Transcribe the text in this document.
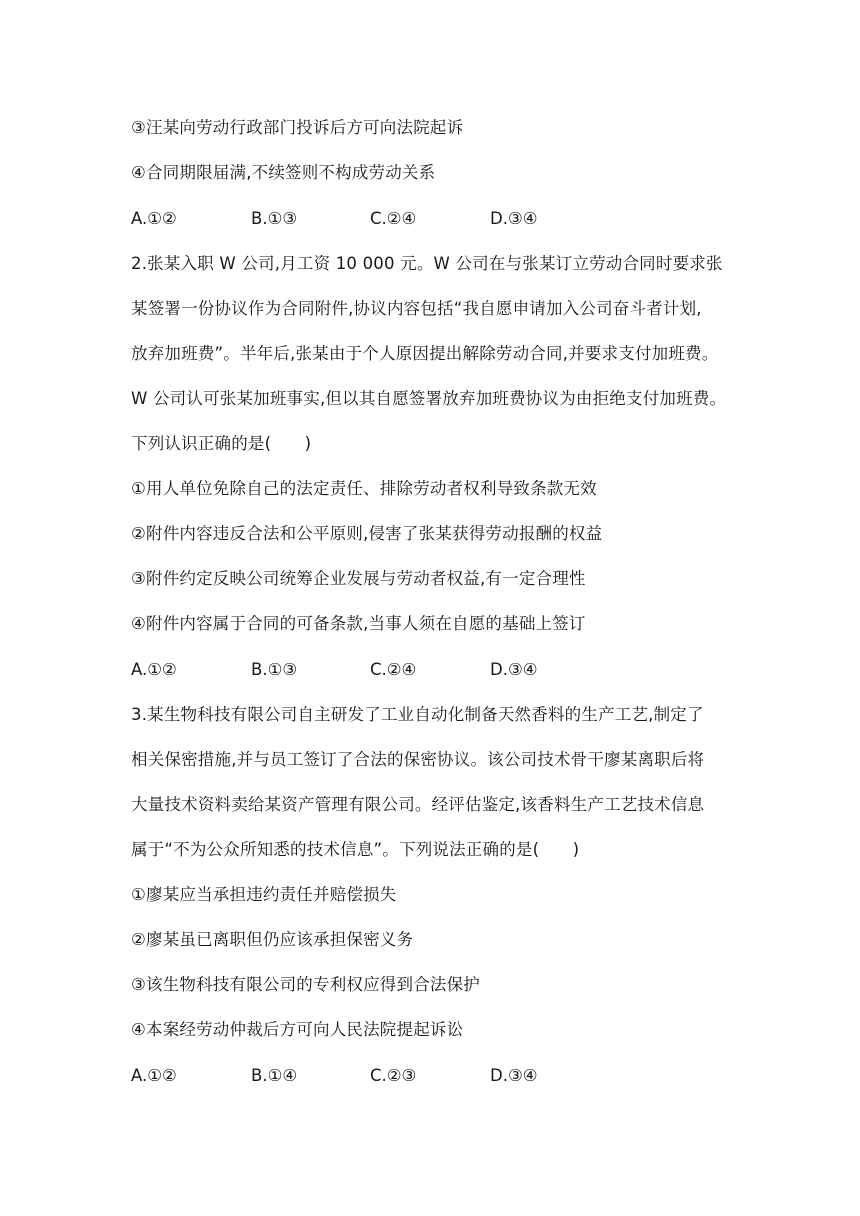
③汪某向劳动行政部门投诉后方可向法院起诉
④合同期限届满,不续签则不构成劳动关系
A.①②	B.①③	C.②④	D.③④
2.张某入职 W 公司,月工资 10 000 元。W 公司在与张某订立劳动合同时要求张
某签署一份协议作为合同附件,协议内容包括“我自愿申请加入公司奋斗者计划,
放弃加班费”。半年后,张某由于个人原因提出解除劳动合同,并要求支付加班费。
W 公司认可张某加班事实,但以其自愿签署放弃加班费协议为由拒绝支付加班费。
下列认识正确的是(　　)
①用人单位免除自己的法定责任、排除劳动者权利导致条款无效
②附件内容违反合法和公平原则,侵害了张某获得劳动报酬的权益
③附件约定反映公司统筹企业发展与劳动者权益,有一定合理性
④附件内容属于合同的可备条款,当事人须在自愿的基础上签订
A.①②	B.①③	C.②④	D.③④
3.某生物科技有限公司自主研发了工业自动化制备天然香料的生产工艺,制定了
相关保密措施,并与员工签订了合法的保密协议。该公司技术骨干廖某离职后将
大量技术资料卖给某资产管理有限公司。经评估鉴定,该香料生产工艺技术信息
属于“不为公众所知悉的技术信息”。下列说法正确的是(　　)
①廖某应当承担违约责任并赔偿损失
②廖某虽已离职但仍应该承担保密义务
③该生物科技有限公司的专利权应得到合法保护
④本案经劳动仲裁后方可向人民法院提起诉讼
A.①②	B.①④	C.②③	D.③④
